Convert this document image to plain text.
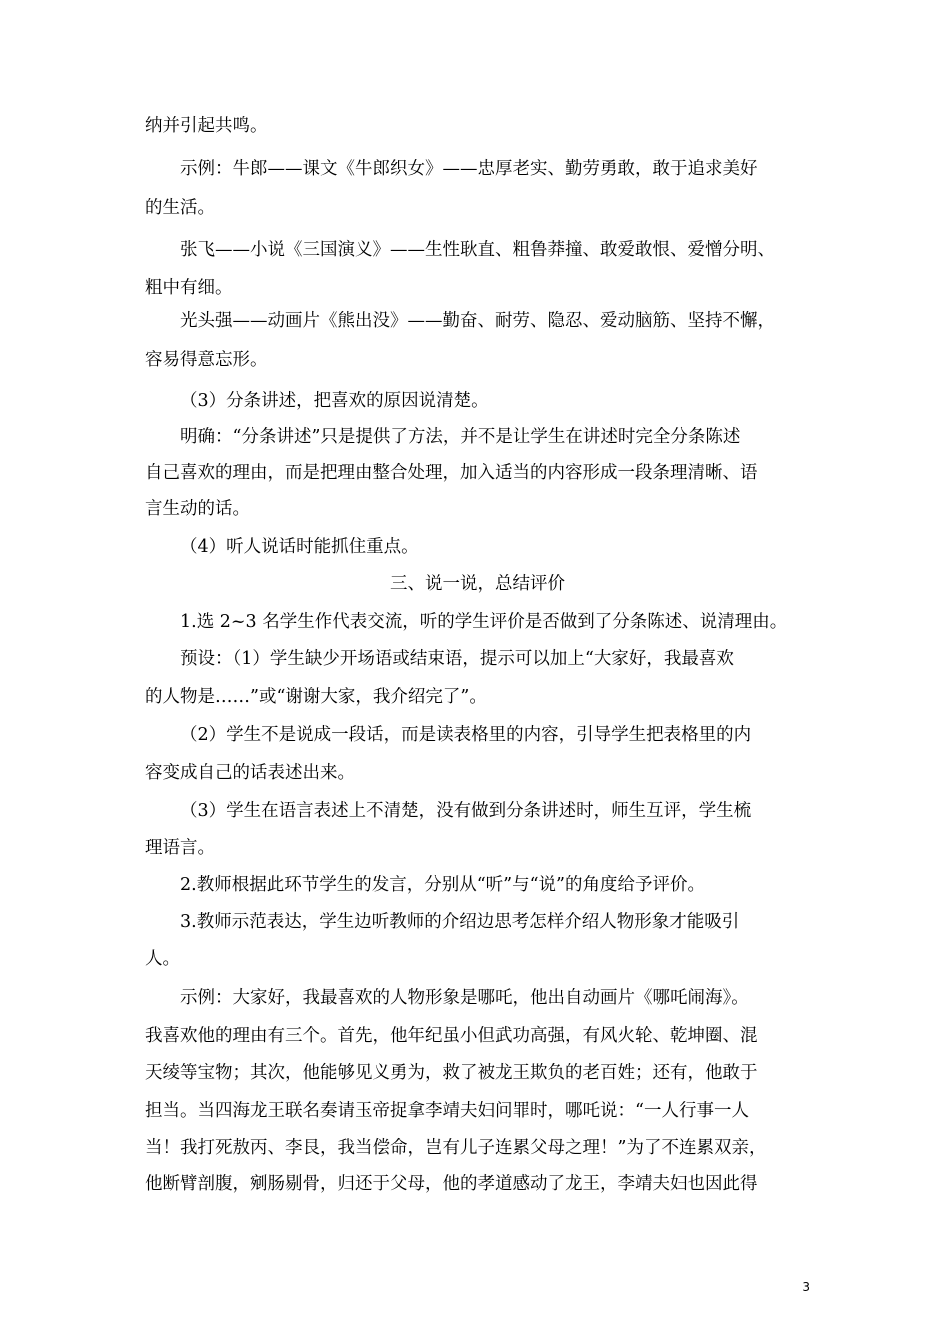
纳并引起共鸣。
示例：牛郎——课文《牛郎织女》——忠厚老实、勤劳勇敢，敢于追求美好
的生活。
张飞——小说《三国演义》——生性耿直、粗鲁莽撞、敢爱敢恨、爱憎分明、
粗中有细。
光头强——动画片《熊出没》——勤奋、耐劳、隐忍、爱动脑筋、坚持不懈，
容易得意忘形。
（3）分条讲述，把喜欢的原因说清楚。
明确：“分条讲述”只是提供了方法，并不是让学生在讲述时完全分条陈述
自己喜欢的理由，而是把理由整合处理，加入适当的内容形成一段条理清晰、语
言生动的话。
（4）听人说话时能抓住重点。
三、说一说，总结评价
1.选 2~3 名学生作代表交流，听的学生评价是否做到了分条陈述、说清理由。
预设：（1）学生缺少开场语或结束语，提示可以加上“大家好，我最喜欢
的人物是……”或“谢谢大家，我介绍完了”。
（2）学生不是说成一段话，而是读表格里的内容，引导学生把表格里的内
容变成自己的话表述出来。
（3）学生在语言表述上不清楚，没有做到分条讲述时，师生互评，学生梳
理语言。
2.教师根据此环节学生的发言，分别从“听”与“说”的角度给予评价。
3.教师示范表达，学生边听教师的介绍边思考怎样介绍人物形象才能吸引
人。
示例：大家好，我最喜欢的人物形象是哪吒，他出自动画片《哪吒闹海》。
我喜欢他的理由有三个。首先，他年纪虽小但武功高强，有风火轮、乾坤圈、混
天绫等宝物；其次，他能够见义勇为，救了被龙王欺负的老百姓；还有，他敢于
担当。当四海龙王联名奏请玉帝捉拿李靖夫妇问罪时，哪吒说：“一人行事一人
当！我打死敖丙、李艮，我当偿命，岂有儿子连累父母之理！”为了不连累双亲，
他断臂剖腹，剜肠剔骨，归还于父母，他的孝道感动了龙王，李靖夫妇也因此得
3
